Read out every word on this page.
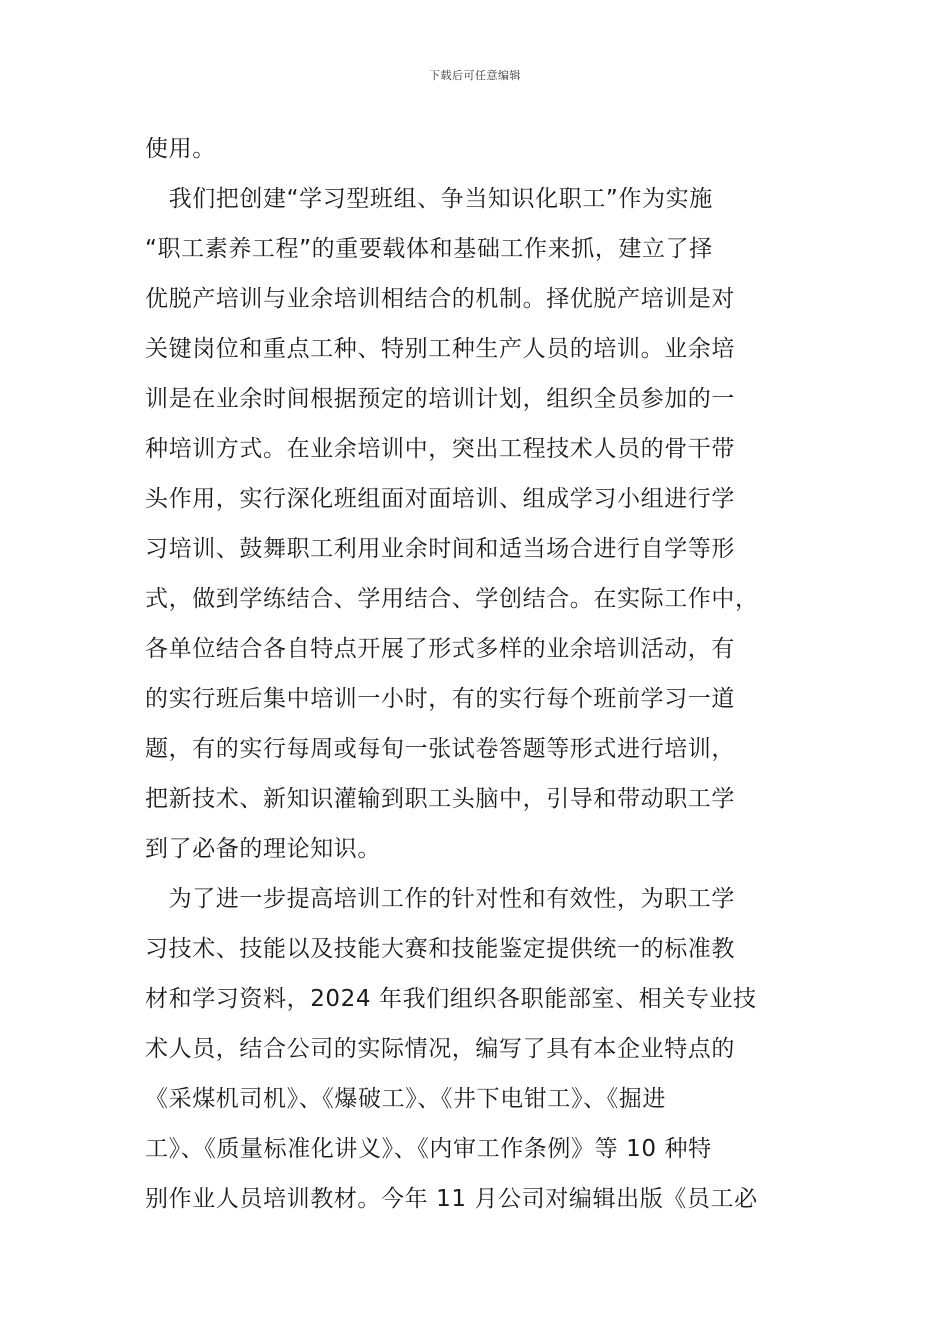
下载后可任意编辑
使用。
　我们把创建“学习型班组、争当知识化职工”作为实施
“职工素养工程”的重要载体和基础工作来抓，建立了择
优脱产培训与业余培训相结合的机制。择优脱产培训是对
关键岗位和重点工种、特别工种生产人员的培训。业余培
训是在业余时间根据预定的培训计划，组织全员参加的一
种培训方式。在业余培训中，突出工程技术人员的骨干带
头作用，实行深化班组面对面培训、组成学习小组进行学
习培训、鼓舞职工利用业余时间和适当场合进行自学等形
式，做到学练结合、学用结合、学创结合。在实际工作中，
各单位结合各自特点开展了形式多样的业余培训活动，有
的实行班后集中培训一小时，有的实行每个班前学习一道
题，有的实行每周或每旬一张试卷答题等形式进行培训，
把新技术、新知识灌输到职工头脑中，引导和带动职工学
到了必备的理论知识。
　为了进一步提高培训工作的针对性和有效性，为职工学
习技术、技能以及技能大赛和技能鉴定提供统一的标准教
材和学习资料，2024 年我们组织各职能部室、相关专业技
术人员，结合公司的实际情况，编写了具有本企业特点的
《采煤机司机》、《爆破工》、《井下电钳工》、《掘进
工》、《质量标准化讲义》、《内审工作条例》等 10 种特
别作业人员培训教材。今年 11 月公司对编辑出版《员工必
